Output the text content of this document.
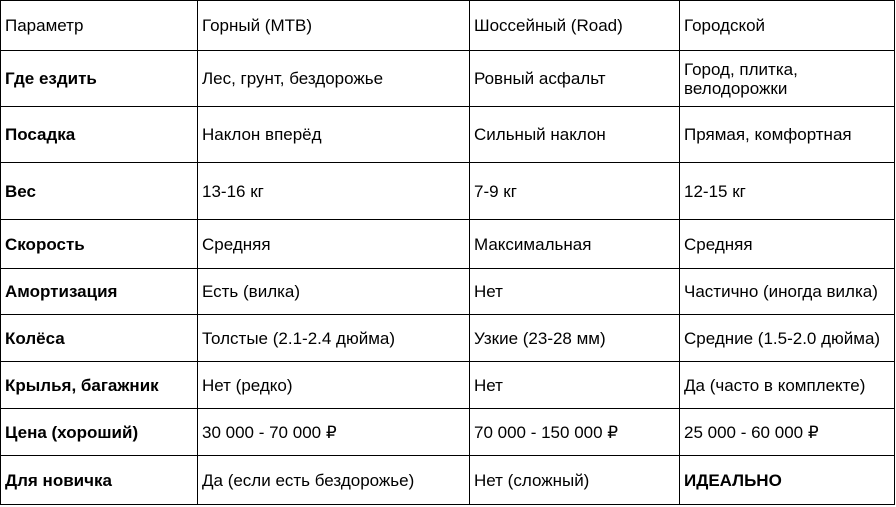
Параметр	Горный (MTB)	Шоссейный (Road)	Городской
Где ездить	Лес, грунт, бездорожье	Ровный асфальт	Город, плитка, велодорожки
Посадка	Наклон вперёд	Сильный наклон	Прямая, комфортная
Вес	13-16 кг	7-9 кг	12-15 кг
Скорость	Средняя	Максимальная	Средняя
Амортизация	Есть (вилка)	Нет	Частично (иногда вилка)
Колёса	Толстые (2.1-2.4 дюйма)	Узкие (23-28 мм)	Средние (1.5-2.0 дюйма)
Крылья, багажник	Нет (редко)	Нет	Да (часто в комплекте)
Цена (хороший)	30 000 - 70 000 ₽	70 000 - 150 000 ₽	25 000 - 60 000 ₽
Для новичка	Да (если есть бездорожье)	Нет (сложный)	ИДЕАЛЬНО
